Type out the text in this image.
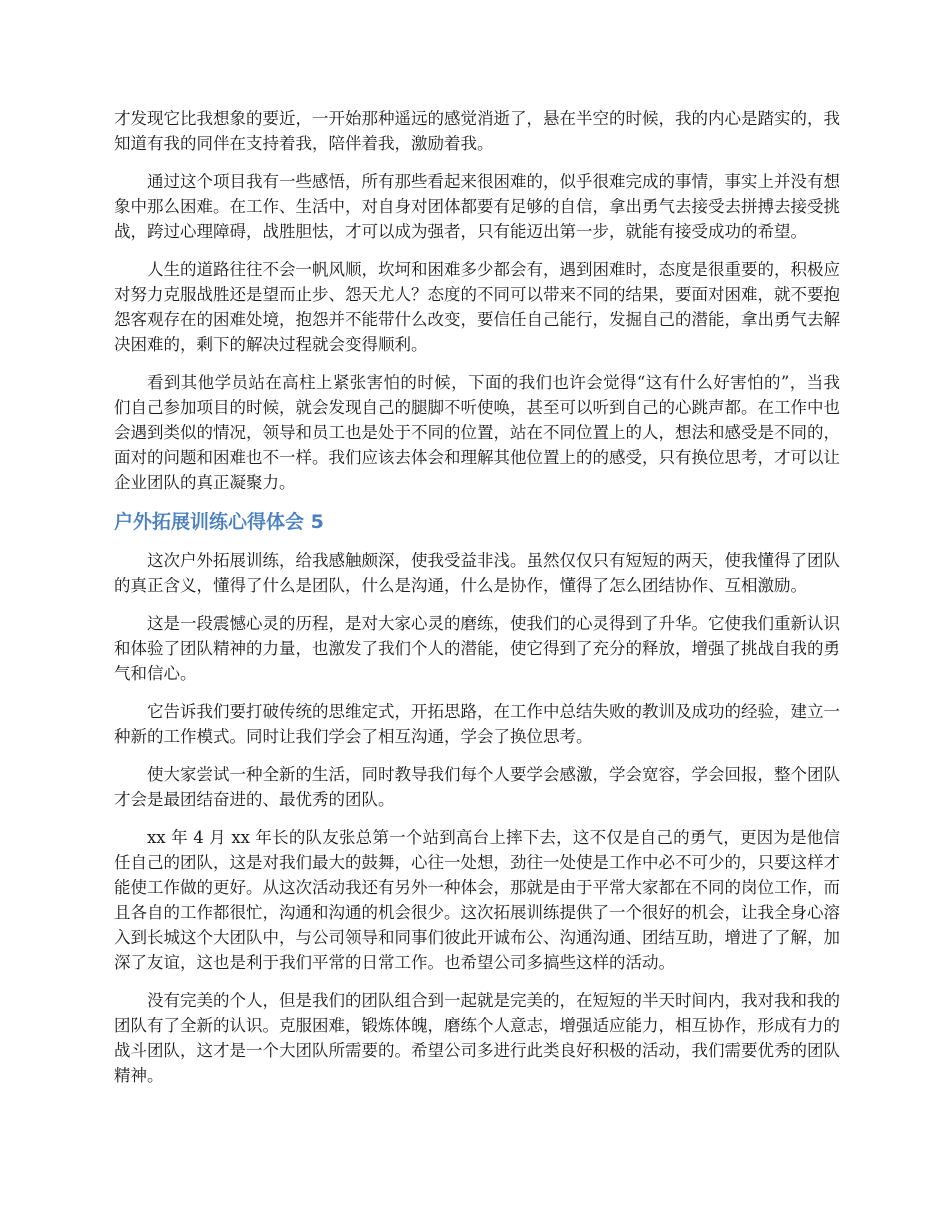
才发现它比我想象的要近，一开始那种遥远的感觉消逝了，悬在半空的时候，我的内心是踏实的，我知道有我的同伴在支持着我，陪伴着我，激励着我。

通过这个项目我有一些感悟，所有那些看起来很困难的，似乎很难完成的事情，事实上并没有想象中那么困难。在工作、生活中，对自身对团体都要有足够的自信，拿出勇气去接受去拼搏去接受挑战，跨过心理障碍，战胜胆怯，才可以成为强者，只有能迈出第一步，就能有接受成功的希望。

人生的道路往往不会一帆风顺，坎坷和困难多少都会有，遇到困难时，态度是很重要的，积极应对努力克服战胜还是望而止步、怨天尤人？态度的不同可以带来不同的结果，要面对困难，就不要抱怨客观存在的困难处境，抱怨并不能带什么改变，要信任自己能行，发掘自己的潜能，拿出勇气去解决困难的，剩下的解决过程就会变得顺利。

看到其他学员站在高柱上紧张害怕的时候，下面的我们也许会觉得“这有什么好害怕的”，当我们自己参加项目的时候，就会发现自己的腿脚不听使唤，甚至可以听到自己的心跳声都。在工作中也会遇到类似的情况，领导和员工也是处于不同的位置，站在不同位置上的人，想法和感受是不同的，面对的问题和困难也不一样。我们应该去体会和理解其他位置上的的感受，只有换位思考，才可以让企业团队的真正凝聚力。

户外拓展训练心得体会 5

这次户外拓展训练，给我感触颇深，使我受益非浅。虽然仅仅只有短短的两天，使我懂得了团队的真正含义，懂得了什么是团队，什么是沟通，什么是协作，懂得了怎么团结协作、互相激励。

这是一段震憾心灵的历程，是对大家心灵的磨练，使我们的心灵得到了升华。它使我们重新认识和体验了团队精神的力量，也激发了我们个人的潜能，使它得到了充分的释放，增强了挑战自我的勇气和信心。

它告诉我们要打破传统的思维定式，开拓思路，在工作中总结失败的教训及成功的经验，建立一种新的工作模式。同时让我们学会了相互沟通，学会了换位思考。

使大家尝试一种全新的生活，同时教导我们每个人要学会感激，学会宽容，学会回报，整个团队才会是最团结奋进的、最优秀的团队。

xx 年 4 月 xx 年长的队友张总第一个站到高台上摔下去，这不仅是自己的勇气，更因为是他信任自己的团队，这是对我们最大的鼓舞，心往一处想，劲往一处使是工作中必不可少的，只要这样才能使工作做的更好。从这次活动我还有另外一种体会，那就是由于平常大家都在不同的岗位工作，而且各自的工作都很忙，沟通和沟通的机会很少。这次拓展训练提供了一个很好的机会，让我全身心溶入到长城这个大团队中，与公司领导和同事们彼此开诚布公、沟通沟通、团结互助，增进了了解，加深了友谊，这也是利于我们平常的日常工作。也希望公司多搞些这样的活动。

没有完美的个人，但是我们的团队组合到一起就是完美的，在短短的半天时间内，我对我和我的团队有了全新的认识。克服困难，锻炼体魄，磨练个人意志，增强适应能力，相互协作，形成有力的战斗团队，这才是一个大团队所需要的。希望公司多进行此类良好积极的活动，我们需要优秀的团队精神。
